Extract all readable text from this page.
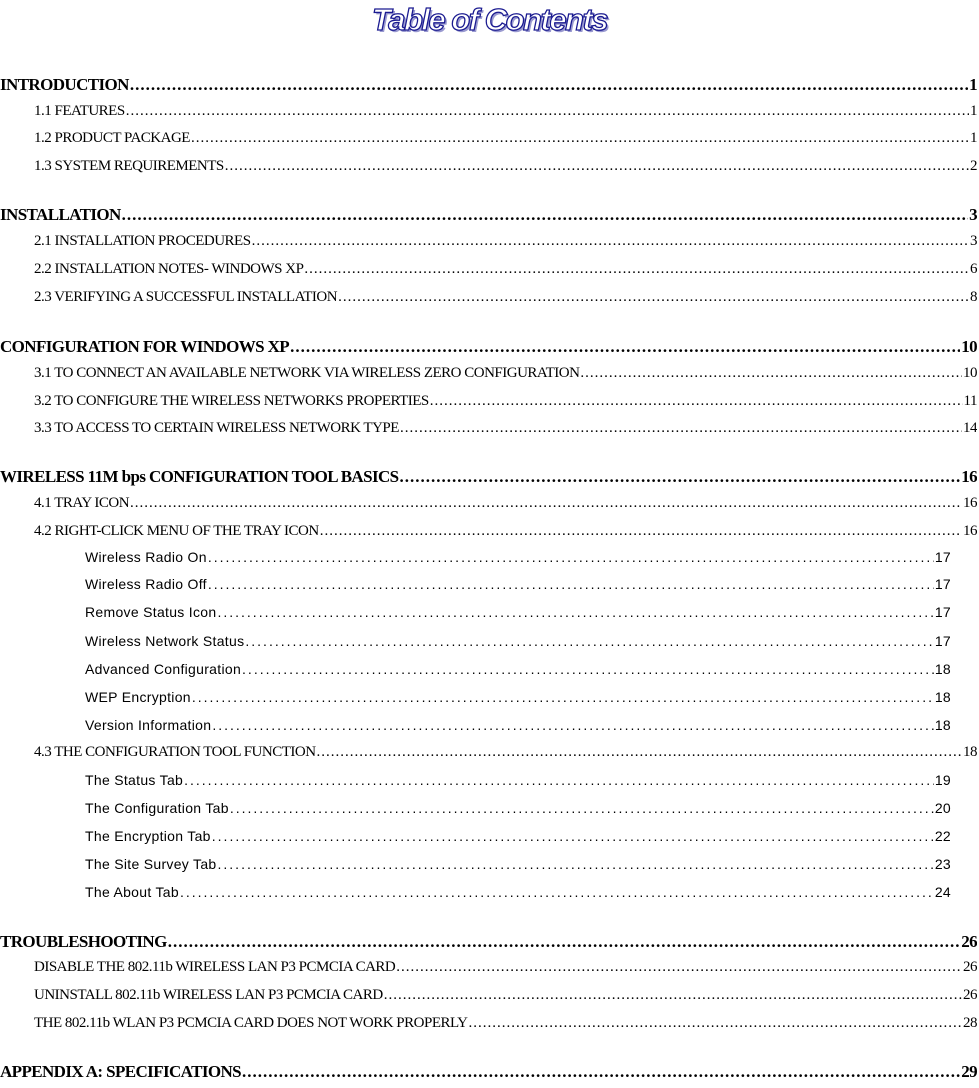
Table of Contents
INTRODUCTION .....	1
1.1 FEATURES .....	1
1.2 PRODUCT PACKAGE .....	1
1.3 SYSTEM REQUIREMENTS .....	2
INSTALLATION .....	3
2.1 INSTALLATION PROCEDURES .....	3
2.2 INSTALLATION NOTES- WINDOWS XP .....	6
2.3 VERIFYING A SUCCESSFUL INSTALLATION .....	8
CONFIGURATION FOR WINDOWS XP .....	10
3.1 TO CONNECT AN AVAILABLE NETWORK VIA WIRELESS ZERO CONFIGURATION .....	10
3.2 TO CONFIGURE THE WIRELESS NETWORKS PROPERTIES .....	11
3.3 TO ACCESS TO CERTAIN WIRELESS NETWORK TYPE .....	14
WIRELESS 11M bps CONFIGURATION TOOL BASICS .....	16
4.1 TRAY ICON .....	16
4.2 RIGHT-CLICK MENU OF THE TRAY ICON .....	16
Wireless Radio On .....	17
Wireless Radio Off .....	17
Remove Status Icon .....	17
Wireless Network Status .....	17
Advanced Configuration .....	18
WEP Encryption .....	18
Version Information .....	18
4.3 THE CONFIGURATION TOOL FUNCTION .....	18
The Status Tab .....	19
The Configuration Tab .....	20
The Encryption Tab .....	22
The Site Survey Tab .....	23
The About Tab .....	24
TROUBLESHOOTING .....	26
DISABLE THE 802.11b WIRELESS LAN P3 PCMCIA CARD .....	26
UNINSTALL 802.11b WIRELESS LAN P3 PCMCIA CARD .....	26
THE 802.11b WLAN P3 PCMCIA CARD DOES NOT WORK PROPERLY .....	28
APPENDIX A: SPECIFICATIONS .....	29
